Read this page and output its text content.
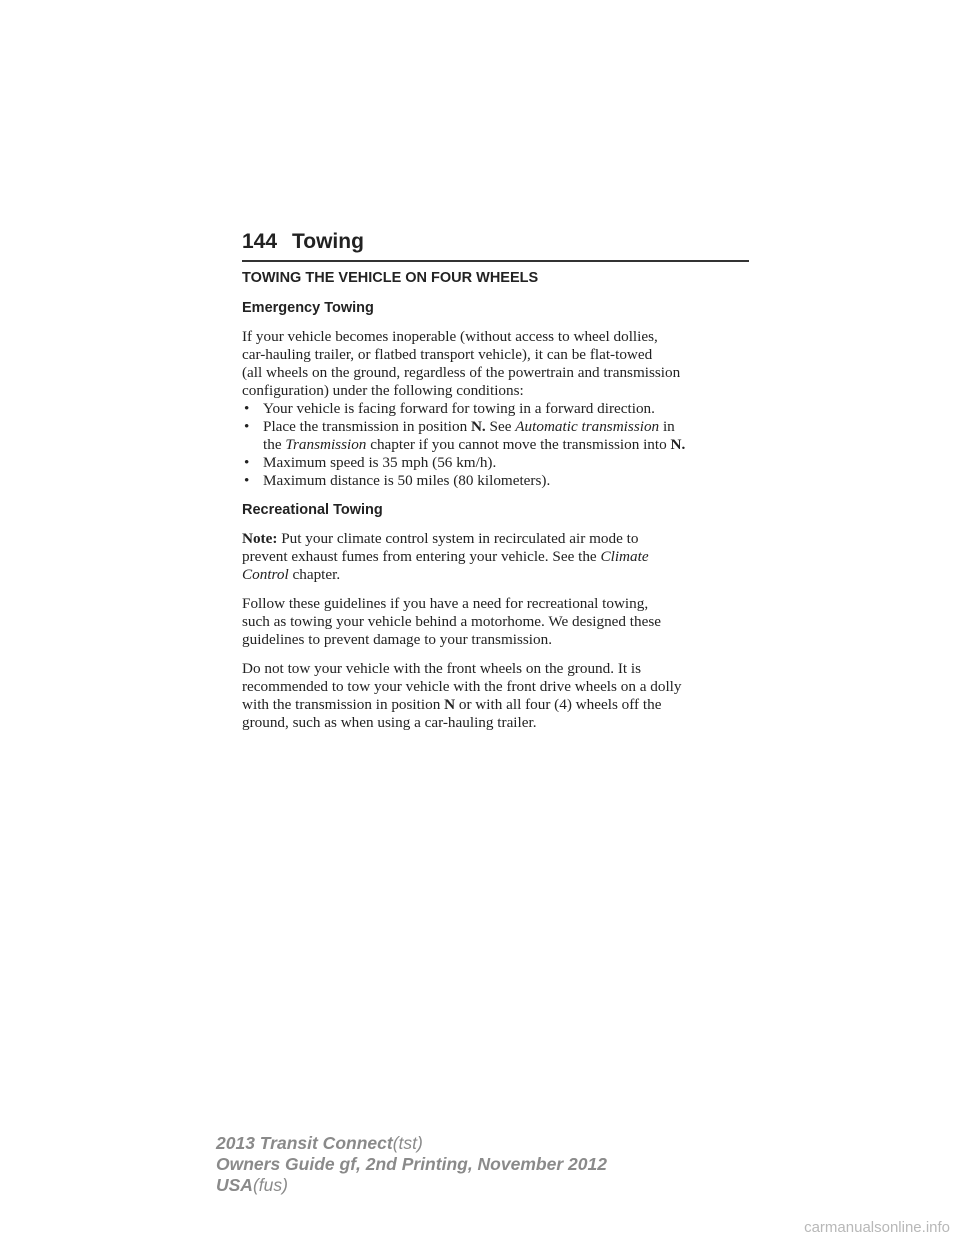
144 Towing
TOWING THE VEHICLE ON FOUR WHEELS
Emergency Towing

If your vehicle becomes inoperable (without access to wheel dollies,
car-hauling trailer, or flatbed transport vehicle), it can be flat-towed
(all wheels on the ground, regardless of the powertrain and transmission
configuration) under the following conditions:

• Your vehicle is facing forward for towing in a forward direction.
• Place the transmission in position N. See Automatic transmission in
the Transmission chapter if you cannot move the transmission into N.
• Maximum speed is 35 mph (56 km/h).
• Maximum distance is 50 miles (80 kilometers).
Recreational Towing

Note: Put your climate control system in recirculated air mode to
prevent exhaust fumes from entering your vehicle. See the Climate
Control chapter.

Follow these guidelines if you have a need for recreational towing,
such as towing your vehicle behind a motorhome. We designed these
guidelines to prevent damage to your transmission.

Do not tow your vehicle with the front wheels on the ground. It is
recommended to tow your vehicle with the front drive wheels on a dolly
with the transmission in position N or with all four (4) wheels off the
ground, such as when using a car-hauling trailer.

2013 Transit Connect(tst)
Owners Guide gf, 2nd Printing, November 2012
USA(fus)
carmanualsonline.info
